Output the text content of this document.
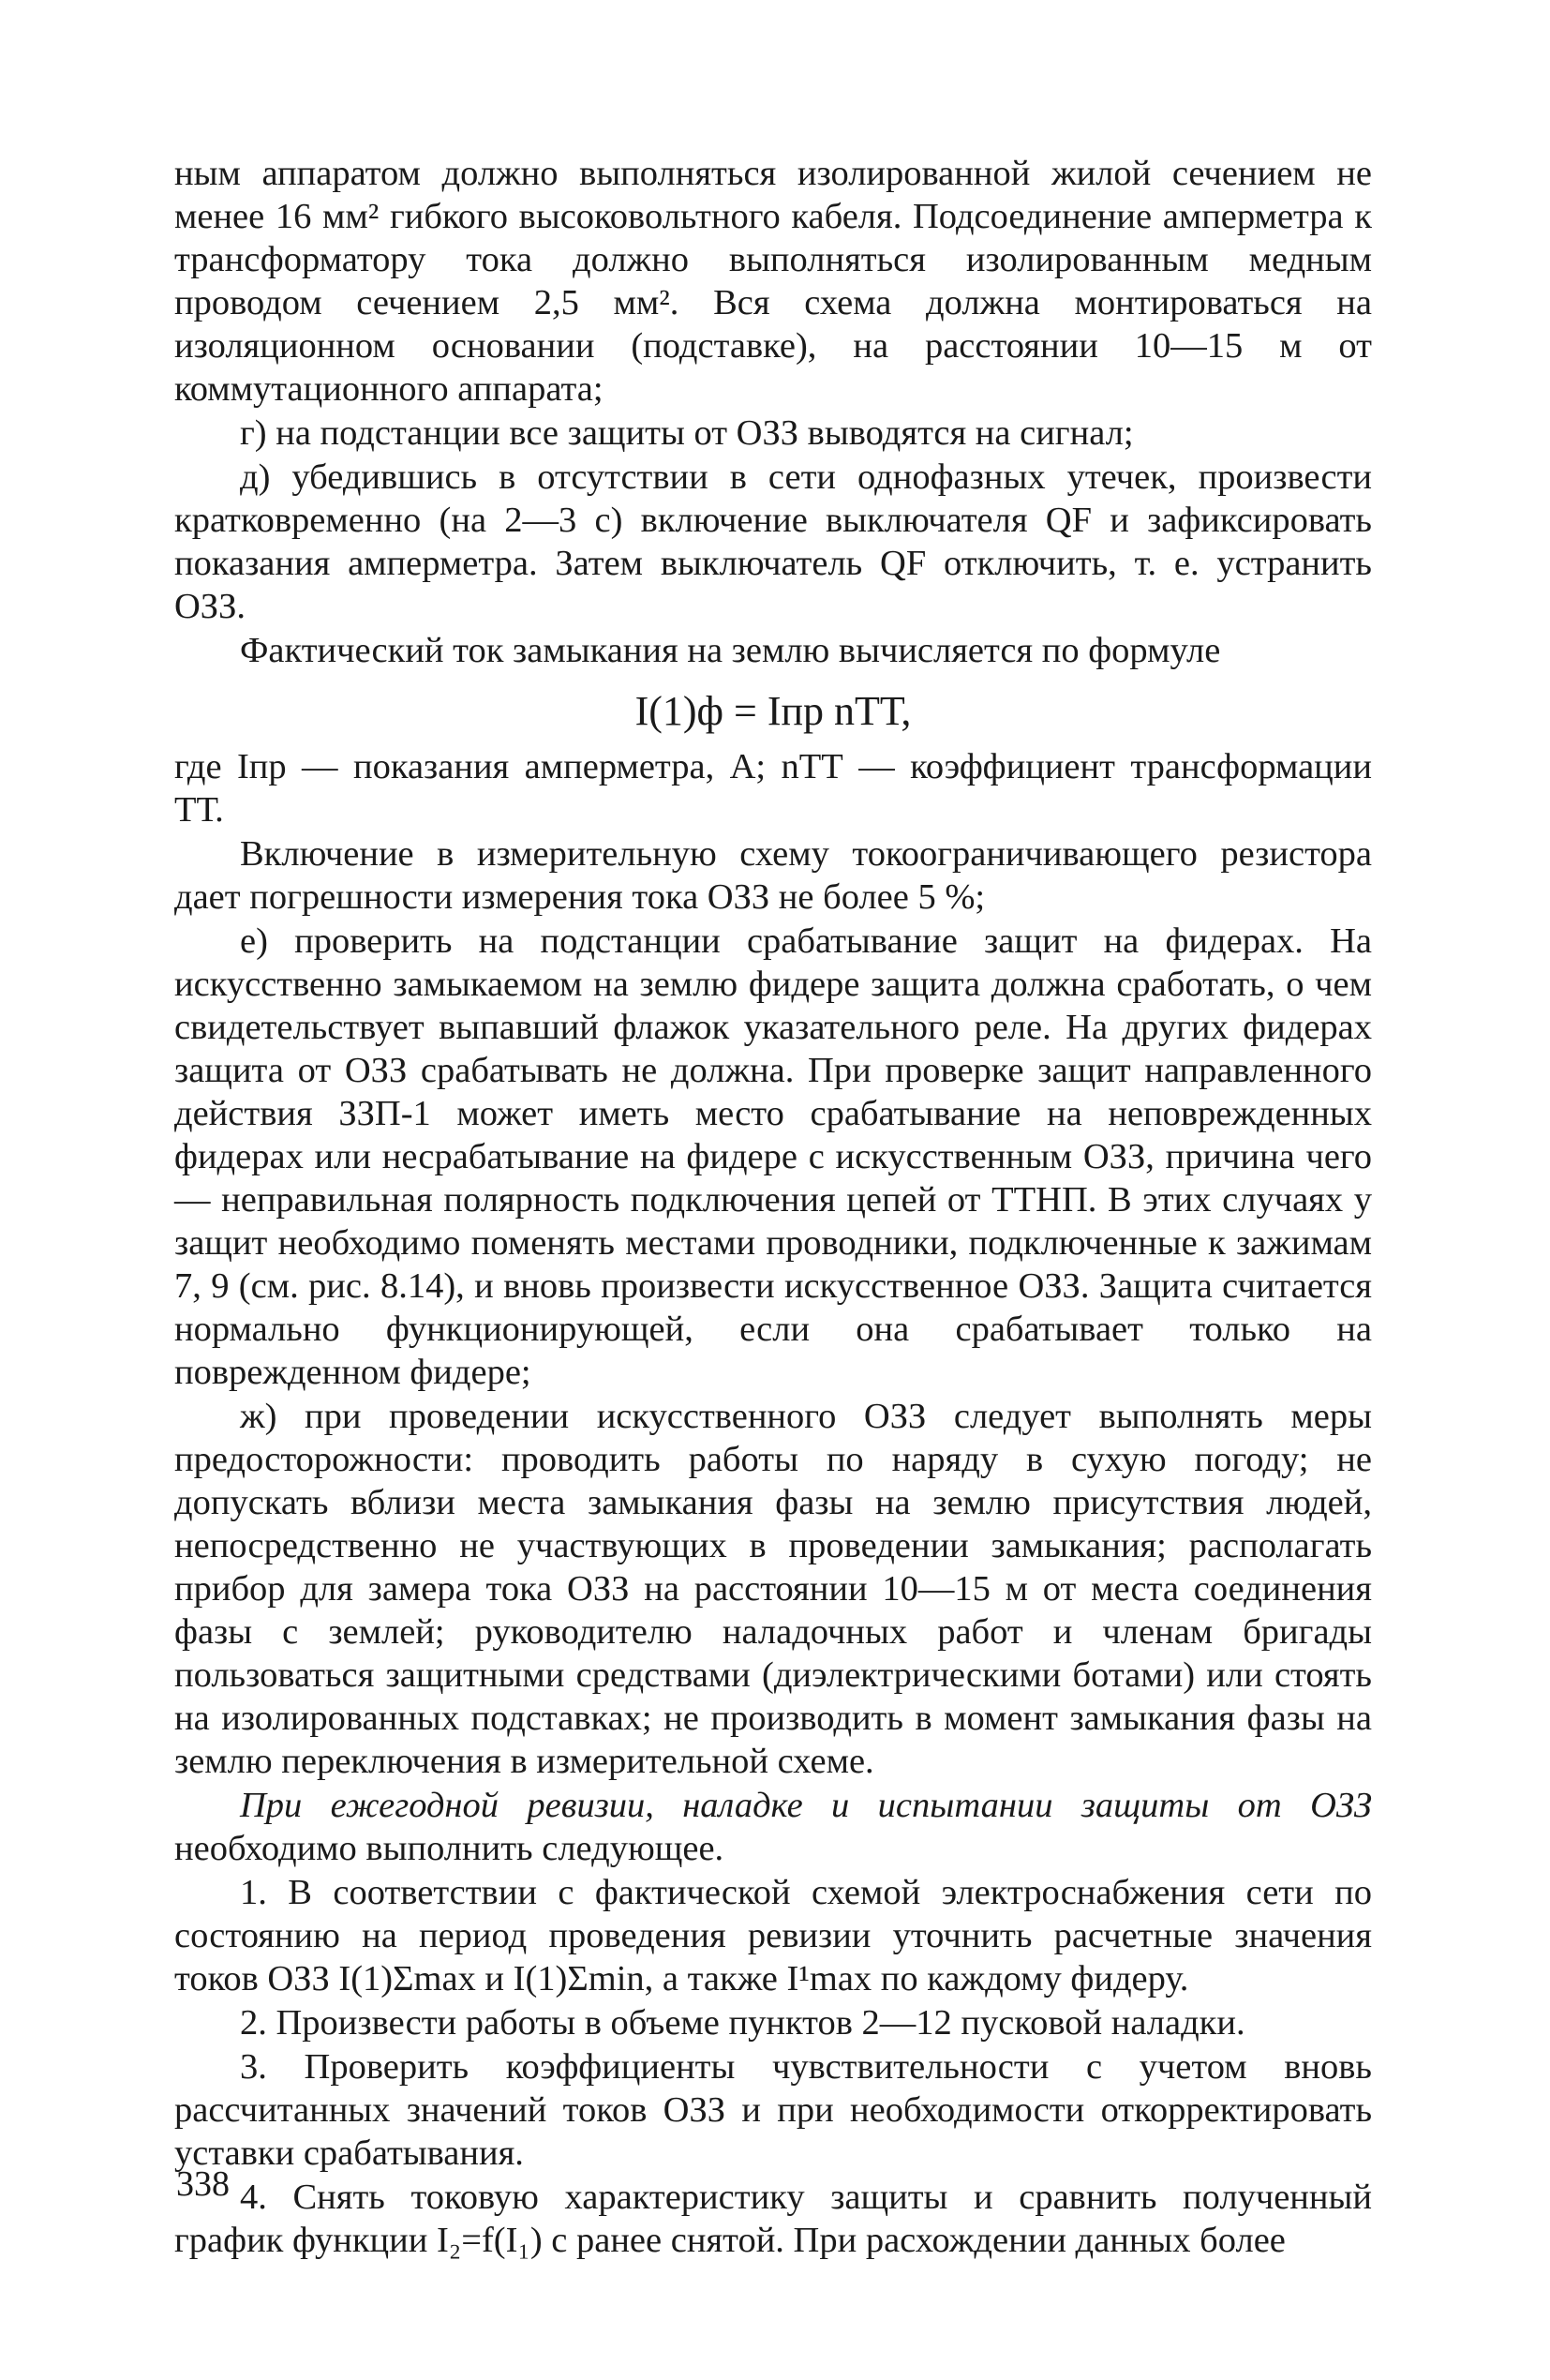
ным аппаратом должно выполняться изолированной жилой сечением не менее 16 мм² гибкого высоковольтного кабеля. Подсоединение амперметра к трансформатору тока должно выполняться изолированным медным проводом сечением 2,5 мм². Вся схема должна монтироваться на изоляционном основании (подставке), на расстоянии 10—15 м от коммутационного аппарата;

г) на подстанции все защиты от ОЗЗ выводятся на сигнал;

д) убедившись в отсутствии в сети однофазных утечек, произвести кратковременно (на 2—3 с) включение выключателя QF и зафиксировать показания амперметра. Затем выключатель QF отключить, т. е. устранить ОЗЗ.

Фактический ток замыкания на землю вычисляется по формуле

I(1)ф = Iпр nТТ,

где Iпр — показания амперметра, А; nТТ — коэффициент трансформации ТТ.

Включение в измерительную схему токоограничивающего резистора дает погрешности измерения тока ОЗЗ не более 5 %;

е) проверить на подстанции срабатывание защит на фидерах. На искусственно замыкаемом на землю фидере защита должна сработать, о чем свидетельствует выпавший флажок указательного реле. На других фидерах защита от ОЗЗ срабатывать не должна. При проверке защит направленного действия ЗЗП-1 может иметь место срабатывание на неповрежденных фидерах или несрабатывание на фидере с искусственным ОЗЗ, причина чего — неправильная полярность подключения цепей от ТТНП. В этих случаях у защит необходимо поменять местами проводники, подключенные к зажимам 7, 9 (см. рис. 8.14), и вновь произвести искусственное ОЗЗ. Защита считается нормально функционирующей, если она срабатывает только на поврежденном фидере;

ж) при проведении искусственного ОЗЗ следует выполнять меры предосторожности: проводить работы по наряду в сухую погоду; не допускать вблизи места замыкания фазы на землю присутствия людей, непосредственно не участвующих в проведении замыкания; располагать прибор для замера тока ОЗЗ на расстоянии 10—15 м от места соединения фазы с землей; руководителю наладочных работ и членам бригады пользоваться защитными средствами (диэлектрическими ботами) или стоять на изолированных подставках; не производить в момент замыкания фазы на землю переключения в измерительной схеме.

При ежегодной ревизии, наладке и испытании защиты от ОЗЗ необходимо выполнить следующее.

1. В соответствии с фактической схемой электроснабжения сети по состоянию на период проведения ревизии уточнить расчетные значения токов ОЗЗ I(1)Σmax и I(1)Σmin, а также I¹max по каждому фидеру.

2. Произвести работы в объеме пунктов 2—12 пусковой наладки.

3. Проверить коэффициенты чувствительности с учетом вновь рассчитанных значений токов ОЗЗ и при необходимости откорректировать уставки срабатывания.

4. Снять токовую характеристику защиты и сравнить полученный график функции I₂=f(I₁) с ранее снятой. При расхождении данных более

338
